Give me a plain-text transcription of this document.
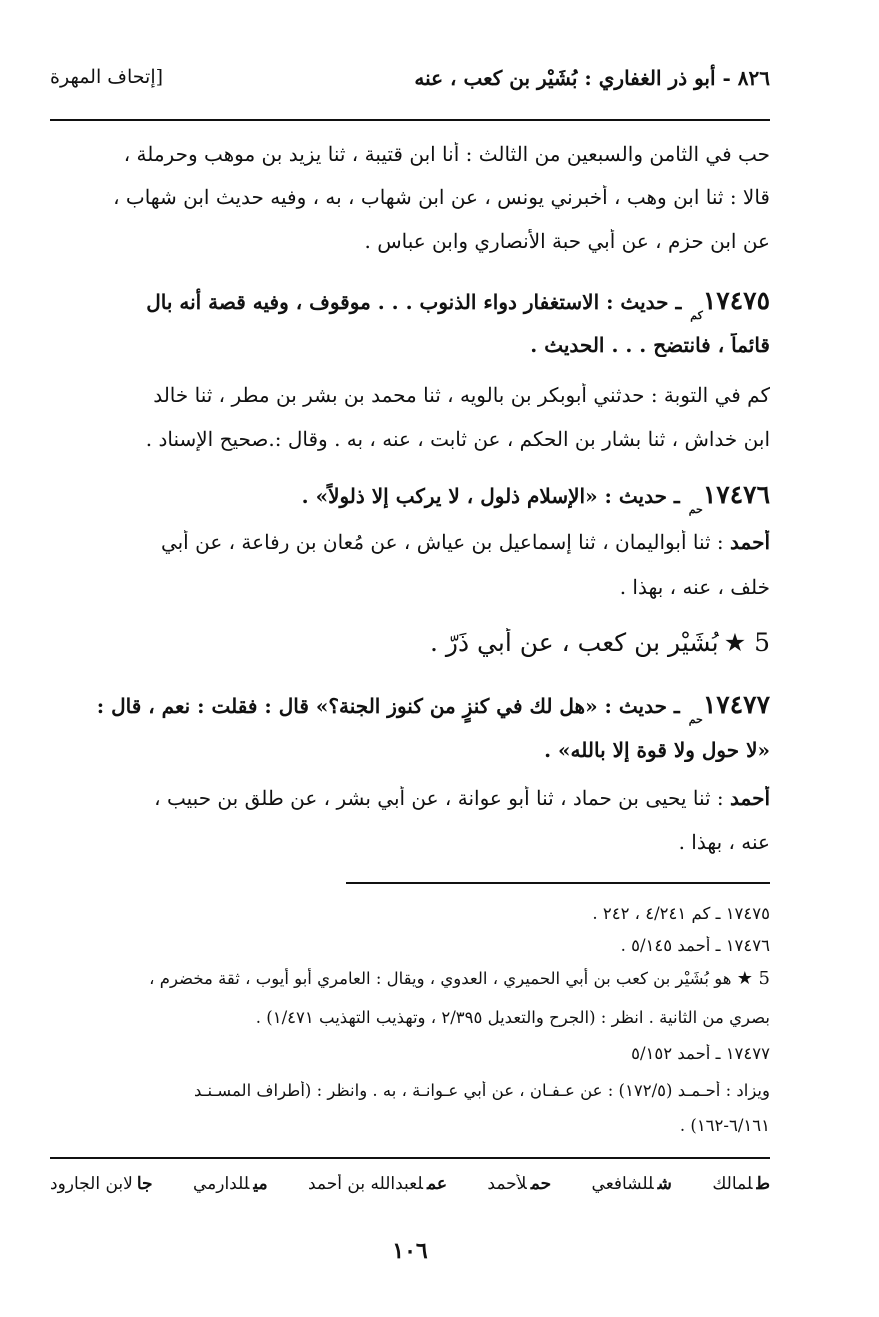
٨٢٦ - أبو ذر الغفاري : بُشَيْر بن كعب ، عنه
[إتحاف المهرة
حب في الثامن والسبعين من الثالث : أنا ابن قتيبة ، ثنا يزيد بن موهب وحرملة ،
قالا : ثنا ابن وهب ، أخبرني يونس ، عن ابن شهاب ، به ، وفيه حديث ابن شهاب ،
عن ابن حزم ، عن أبي حبة الأنصاري وابن عباس .
$١٧٤٧٥_{كم}$ ـ حديث : الاستغفار دواء الذنوب . . . موقوف ، وفيه قصة أنه بال
قائماً ، فانتضح . . . الحديث .
كم في التوبة : حدثني أبوبكر بن بالويه ، ثنا محمد بن بشر بن مطر ، ثنا خالد
ابن خداش ، ثنا بشار بن الحكم ، عن ثابت ، عنه ، به . وقال :.صحيح الإسناد .
$١٧٤٧٦_{حم}$ ـ حديث : «الإسلام ذلول ، لا يركب إلا ذلولاً» .
أحمد : ثنا أبواليمان ، ثنا إسماعيل بن عياش ، عن مُعان بن رفاعة ، عن أبي
خلف ، عنه ، بهذا .
5 ★ بُشَيْر بن كعب ، عن أبي ذَرّ .
$١٧٤٧٧_{حم}$ ـ حديث : «هل لك في كنزٍ من كنوز الجنة؟» قال : فقلت : نعم ، قال :
«لا حول ولا قوة إلا بالله» .
أحمد : ثنا يحيى بن حماد ، ثنا أبو عوانة ، عن أبي بشر ، عن طلق بن حبيب ،
عنه ، بهذا .
١٧٤٧٥ ـ كم ٤/٢٤١ ، ٢٤٢ .
١٧٤٧٦ ـ أحمد ٥/١٤٥ .
5 ★ هو بُشَيْر بن كعب بن أبي الحميري ، العدوي ، ويقال : العامري أبو أيوب ، ثقة مخضرم ،
بصري من الثانية . انظر : (الجرح والتعديل ٢/٣٩٥ ، وتهذيب التهذيب ١/٤٧١) .
١٧٤٧٧ ـ أحمد ٥/١٥٢
ويزاد : أحـمـد (١٧٢/٥) : عن عـفـان ، عن أبي عـوانـة ، به . وانظر : (أطراف المسـنـد
٦/١٦١-١٦٢) .
طلمالك
شللشافعي
حملأحمد
عملعبدالله بن أحمد
ميللدارمي
جالابن الجارود
١٠٦
